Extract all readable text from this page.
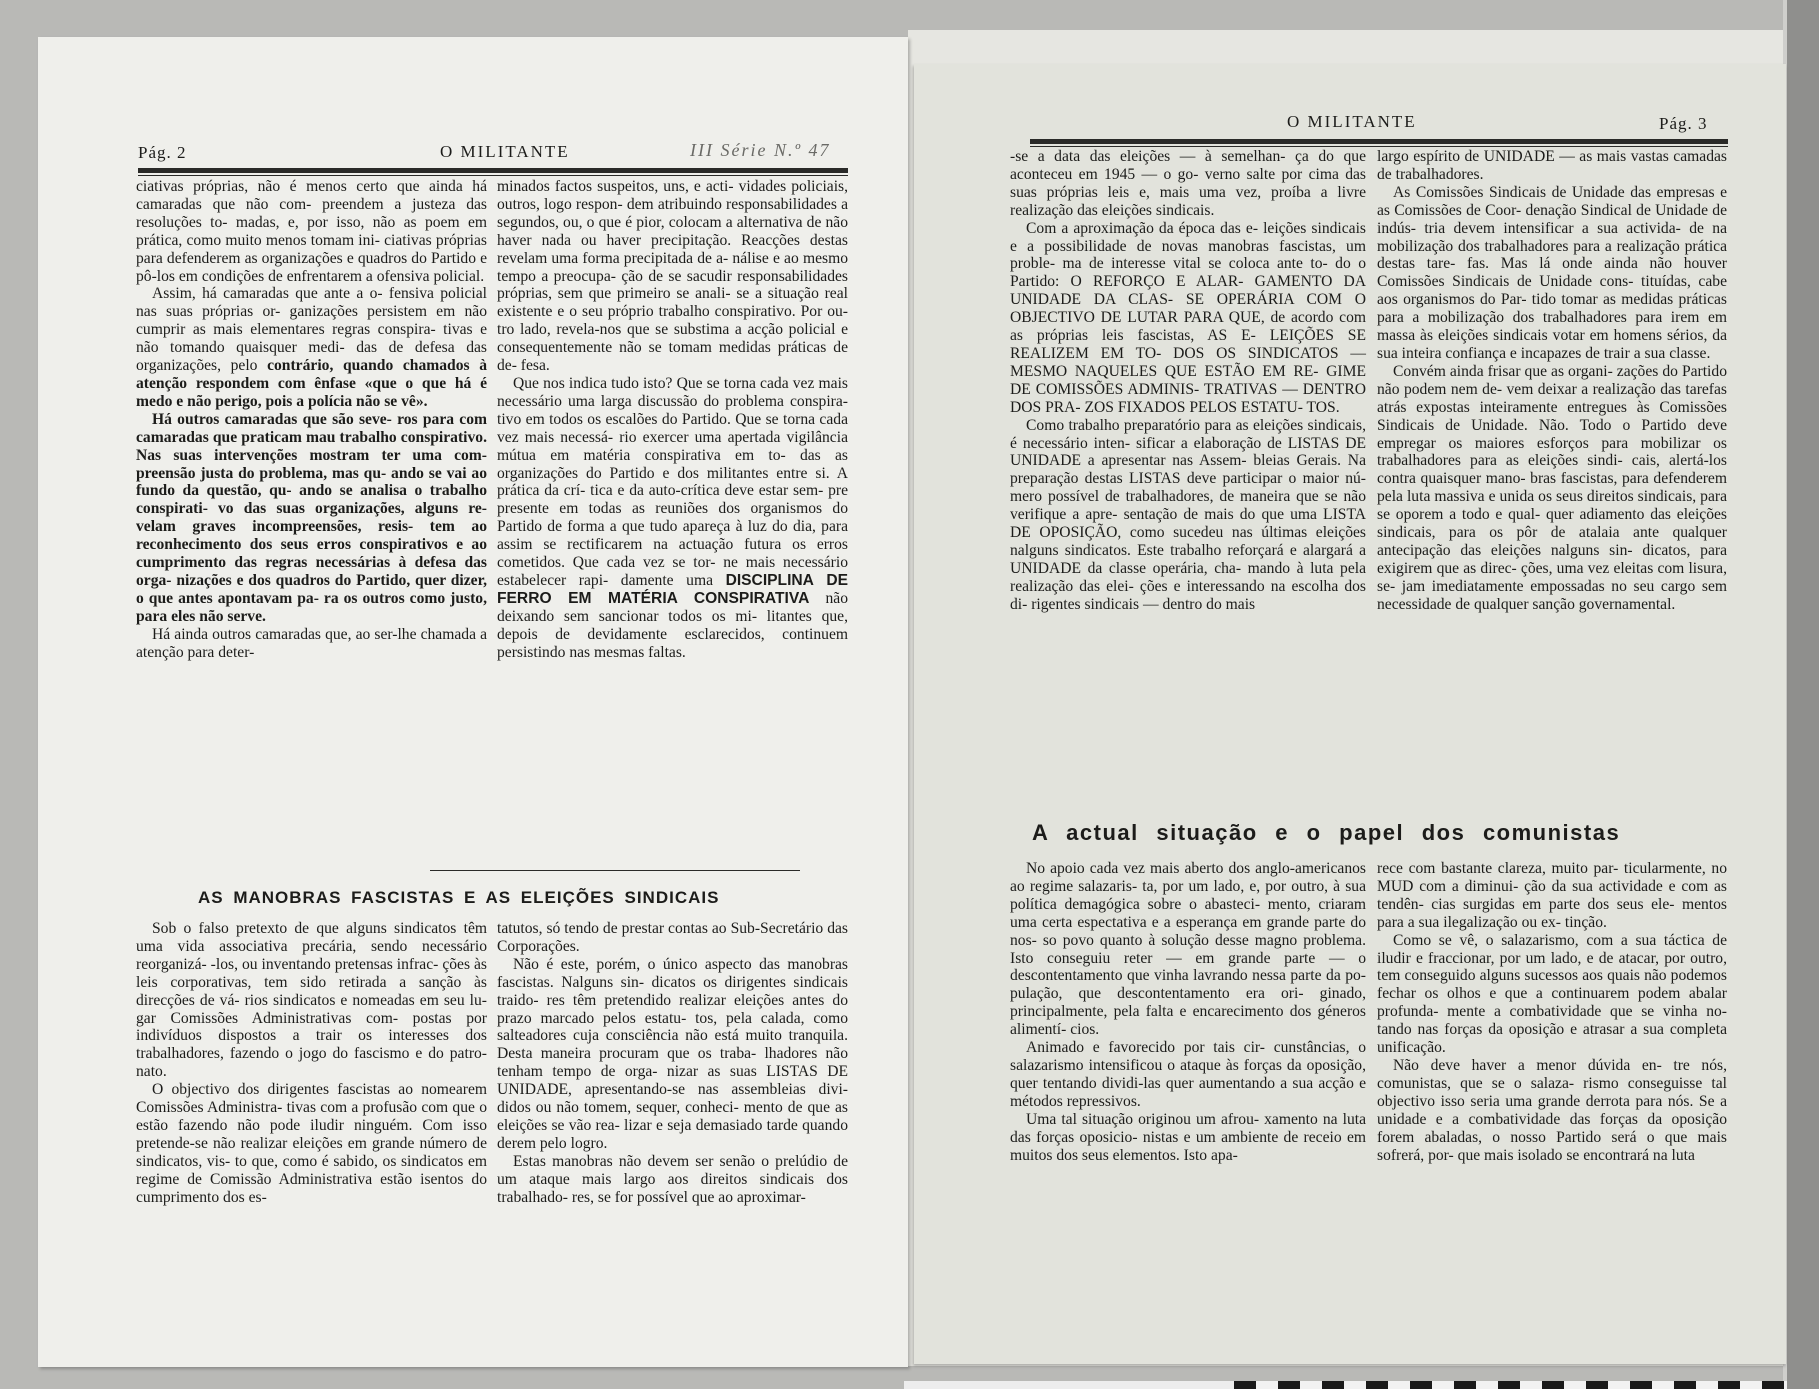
Pág. 2	O MILITANTE	III Série N.º 47

ciativas próprias, não é menos certo que ainda há camaradas que não com- preendem a justeza das resoluções to- madas, e, por isso, não as poem em prática, como muito menos tomam ini- ciativas próprias para defenderem as organizações e quadros do Partido e pô-los em condições de enfrentarem a ofensiva policial.

Assim, há camaradas que ante a o- fensiva policial nas suas próprias or- ganizações persistem em não cumprir as mais elementares regras conspira- tivas e não tomando quaisquer medi- das de defesa das organizações, pelo contrário, quando chamados à atenção respondem com ênfase «que o que há é medo e não perigo, pois a polícia não se vê».

Há outros camaradas que são seve- ros para com camaradas que praticam mau trabalho conspirativo. Nas suas intervenções mostram ter uma com- preensão justa do problema, mas qu- ando se vai ao fundo da questão, qu- ando se analisa o trabalho conspirati- vo das suas organizações, alguns re- velam graves incompreensões, resis- tem ao reconhecimento dos seus erros conspirativos e ao cumprimento das regras necessárias à defesa das orga- nizações e dos quadros do Partido, quer dizer, o que antes apontavam pa- ra os outros como justo, para eles não serve.

Há ainda outros camaradas que, ao ser-lhe chamada a atenção para deter-

minados factos suspeitos, uns, e acti- vidades policiais, outros, logo respon- dem atribuindo responsabilidades a segundos, ou, o que é pior, colocam a alternativa de não haver nada ou haver precipitação. Reacções destas revelam uma forma precipitada de a- nálise e ao mesmo tempo a preocupa- ção de se sacudir responsabilidades próprias, sem que primeiro se anali- se a situação real existente e o seu próprio trabalho conspirativo. Por ou- tro lado, revela-nos que se substima a acção policial e consequentemente não se tomam medidas práticas de de- fesa.

Que nos indica tudo isto? Que se torna cada vez mais necessário uma larga discussão do problema conspira- tivo em todos os escalões do Partido. Que se torna cada vez mais necessá- rio exercer uma apertada vigilância mútua em matéria conspirativa em to- das as organizações do Partido e dos militantes entre si. A prática da crí- tica e da auto-crítica deve estar sem- pre presente em todas as reuniões dos organismos do Partido de forma a que tudo apareça à luz do dia, para assim se rectificarem na actuação futura os erros cometidos. Que cada vez se tor- ne mais necessário estabelecer rapi- damente uma DISCIPLINA DE FERRO EM MATÉRIA CONSPIRATIVA não deixando sem sancionar todos os mi- litantes que, depois de devidamente esclarecidos, continuem persistindo nas mesmas faltas.

AS MANOBRAS FASCISTAS E AS ELEIÇÕES SINDICAIS

Sob o falso pretexto de que alguns sindicatos têm uma vida associativa precária, sendo necessário reorganizá- -los, ou inventando pretensas infrac- ções às leis corporativas, tem sido retirada a sanção às direcções de vá- rios sindicatos e nomeadas em seu lu- gar Comissões Administrativas com- postas por indivíduos dispostos a trair os interesses dos trabalhadores, fazendo o jogo do fascismo e do patro- nato.

O objectivo dos dirigentes fascistas ao nomearem Comissões Administra- tivas com a profusão com que o estão fazendo não pode iludir ninguém. Com isso pretende-se não realizar eleições em grande número de sindicatos, vis- to que, como é sabido, os sindicatos em regime de Comissão Administrativa estão isentos do cumprimento dos es-

tatutos, só tendo de prestar contas ao Sub-Secretário das Corporações.

Não é este, porém, o único aspecto das manobras fascistas. Nalguns sin- dicatos os dirigentes sindicais traido- res têm pretendido realizar eleições antes do prazo marcado pelos estatu- tos, pela calada, como salteadores cuja consciência não está muito tranquila. Desta maneira procuram que os traba- lhadores não tenham tempo de orga- nizar as suas LISTAS DE UNIDADE, apresentando-se nas assembleias divi- didos ou não tomem, sequer, conheci- mento de que as eleições se vão rea- lizar e seja demasiado tarde quando derem pelo logro.

Estas manobras não devem ser senão o prelúdio de um ataque mais largo aos direitos sindicais dos trabalhado- res, se for possível que ao aproximar-

O MILITANTE	Pág. 3

-se a data das eleições — à semelhan- ça do que aconteceu em 1945 — o go- verno salte por cima das suas próprias leis e, mais uma vez, proíba a livre realização das eleições sindicais.

Com a aproximação da época das e- leições sindicais e a possibilidade de novas manobras fascistas, um proble- ma de interesse vital se coloca ante to- do o Partido: O REFORÇO E ALAR- GAMENTO DA UNIDADE DA CLAS- SE OPERÁRIA COM O OBJECTIVO DE LUTAR PARA QUE, de acordo com as próprias leis fascistas, AS E- LEIÇÕES SE REALIZEM EM TO- DOS OS SINDICATOS — MESMO NAQUELES QUE ESTÃO EM RE- GIME DE COMISSÕES ADMINIS- TRATIVAS — DENTRO DOS PRA- ZOS FIXADOS PELOS ESTATU- TOS.

Como trabalho preparatório para as eleições sindicais, é necessário inten- sificar a elaboração de LISTAS DE UNIDADE a apresentar nas Assem- bleias Gerais. Na preparação destas LISTAS deve participar o maior nú- mero possível de trabalhadores, de maneira que se não verifique a apre- sentação de mais do que uma LISTA DE OPOSIÇÃO, como sucedeu nas últimas eleições nalguns sindicatos. Este trabalho reforçará e alargará a UNIDADE da classe operária, cha- mando à luta pela realização das elei- ções e interessando na escolha dos di- rigentes sindicais — dentro do mais

largo espírito de UNIDADE — as mais vastas camadas de trabalhadores.

As Comissões Sindicais de Unidade das empresas e as Comissões de Coor- denação Sindical de Unidade de indús- tria devem intensificar a sua activida- de na mobilização dos trabalhadores para a realização prática destas tare- fas. Mas lá onde ainda não houver Comissões Sindicais de Unidade cons- tituídas, cabe aos organismos do Par- tido tomar as medidas práticas para a mobilização dos trabalhadores para irem em massa às eleições sindicais votar em homens sérios, da sua inteira confiança e incapazes de trair a sua classe.

Convém ainda frisar que as organi- zações do Partido não podem nem de- vem deixar a realização das tarefas atrás expostas inteiramente entregues às Comissões Sindicais de Unidade. Não. Todo o Partido deve empregar os maiores esforços para mobilizar os trabalhadores para as eleições sindi- cais, alertá-los contra quaisquer mano- bras fascistas, para defenderem pela luta massiva e unida os seus direitos sindicais, para se oporem a todo e qual- quer adiamento das eleições sindicais, para os pôr de atalaia ante qualquer antecipação das eleições nalguns sin- dicatos, para exigirem que as direc- ções, uma vez eleitas com lisura, se- jam imediatamente empossadas no seu cargo sem necessidade de qualquer sanção governamental.

A actual situação e o papel dos comunistas

No apoio cada vez mais aberto dos anglo-americanos ao regime salazaris- ta, por um lado, e, por outro, à sua política demagógica sobre o abasteci- mento, criaram uma certa espectativa e a esperança em grande parte do nos- so povo quanto à solução desse magno problema. Isto conseguiu reter — em grande parte — o descontentamento que vinha lavrando nessa parte da po- pulação, que descontentamento era ori- ginado, principalmente, pela falta e encarecimento dos géneros alimentí- cios.

Animado e favorecido por tais cir- cunstâncias, o salazarismo intensificou o ataque às forças da oposição, quer tentando dividi-las quer aumentando a sua acção e métodos repressivos.

Uma tal situação originou um afrou- xamento na luta das forças oposicio- nistas e um ambiente de receio em muitos dos seus elementos. Isto apa-

rece com bastante clareza, muito par- ticularmente, no MUD com a diminui- ção da sua actividade e com as tendên- cias surgidas em parte dos seus ele- mentos para a sua ilegalização ou ex- tinção.

Como se vê, o salazarismo, com a sua táctica de iludir e fraccionar, por um lado, e de atacar, por outro, tem conseguido alguns sucessos aos quais não podemos fechar os olhos e que a continuarem podem abalar profunda- mente a combatividade que se vinha no- tando nas forças da oposição e atrasar a sua completa unificação.

Não deve haver a menor dúvida en- tre nós, comunistas, que se o salaza- rismo conseguisse tal objectivo isso seria uma grande derrota para nós. Se a unidade e a combatividade das forças da oposição forem abaladas, o nosso Partido será o que mais sofrerá, por- que mais isolado se encontrará na luta
